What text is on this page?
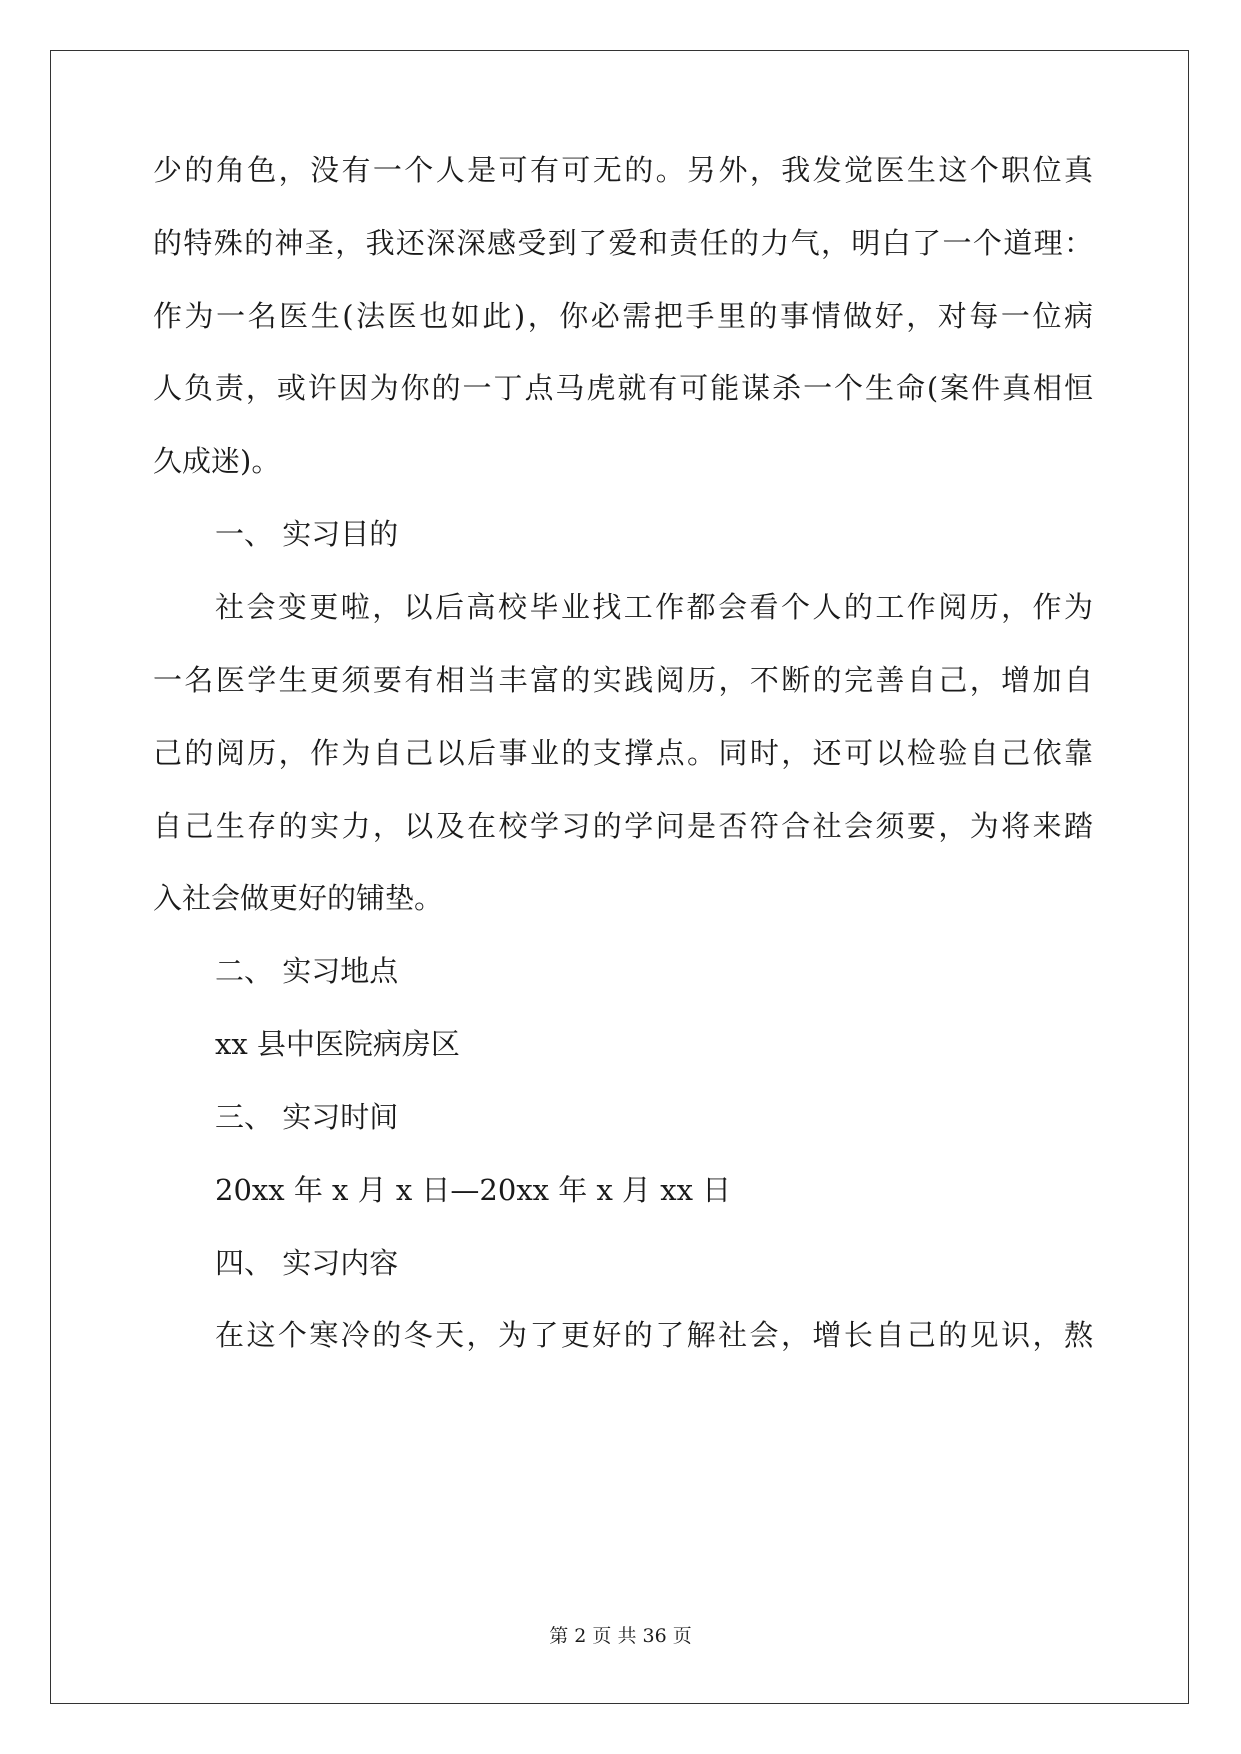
少的角色，没有一个人是可有可无的。另外，我发觉医生这个职位真
的特殊的神圣，我还深深感受到了爱和责任的力气，明白了一个道理：
作为一名医生(法医也如此)，你必需把手里的事情做好，对每一位病
人负责，或许因为你的一丁点马虎就有可能谋杀一个生命(案件真相恒
久成迷)。
一、 实习目的
社会变更啦，以后高校毕业找工作都会看个人的工作阅历，作为
一名医学生更须要有相当丰富的实践阅历，不断的完善自己，增加自
己的阅历，作为自己以后事业的支撑点。同时，还可以检验自己依靠
自己生存的实力，以及在校学习的学问是否符合社会须要，为将来踏
入社会做更好的铺垫。
二、 实习地点
xx 县中医院病房区
三、 实习时间
20xx 年 x 月 x 日—20xx 年 x 月 xx 日
四、 实习内容
在这个寒冷的冬天，为了更好的了解社会，增长自己的见识，熬
第 2 页 共 36 页
